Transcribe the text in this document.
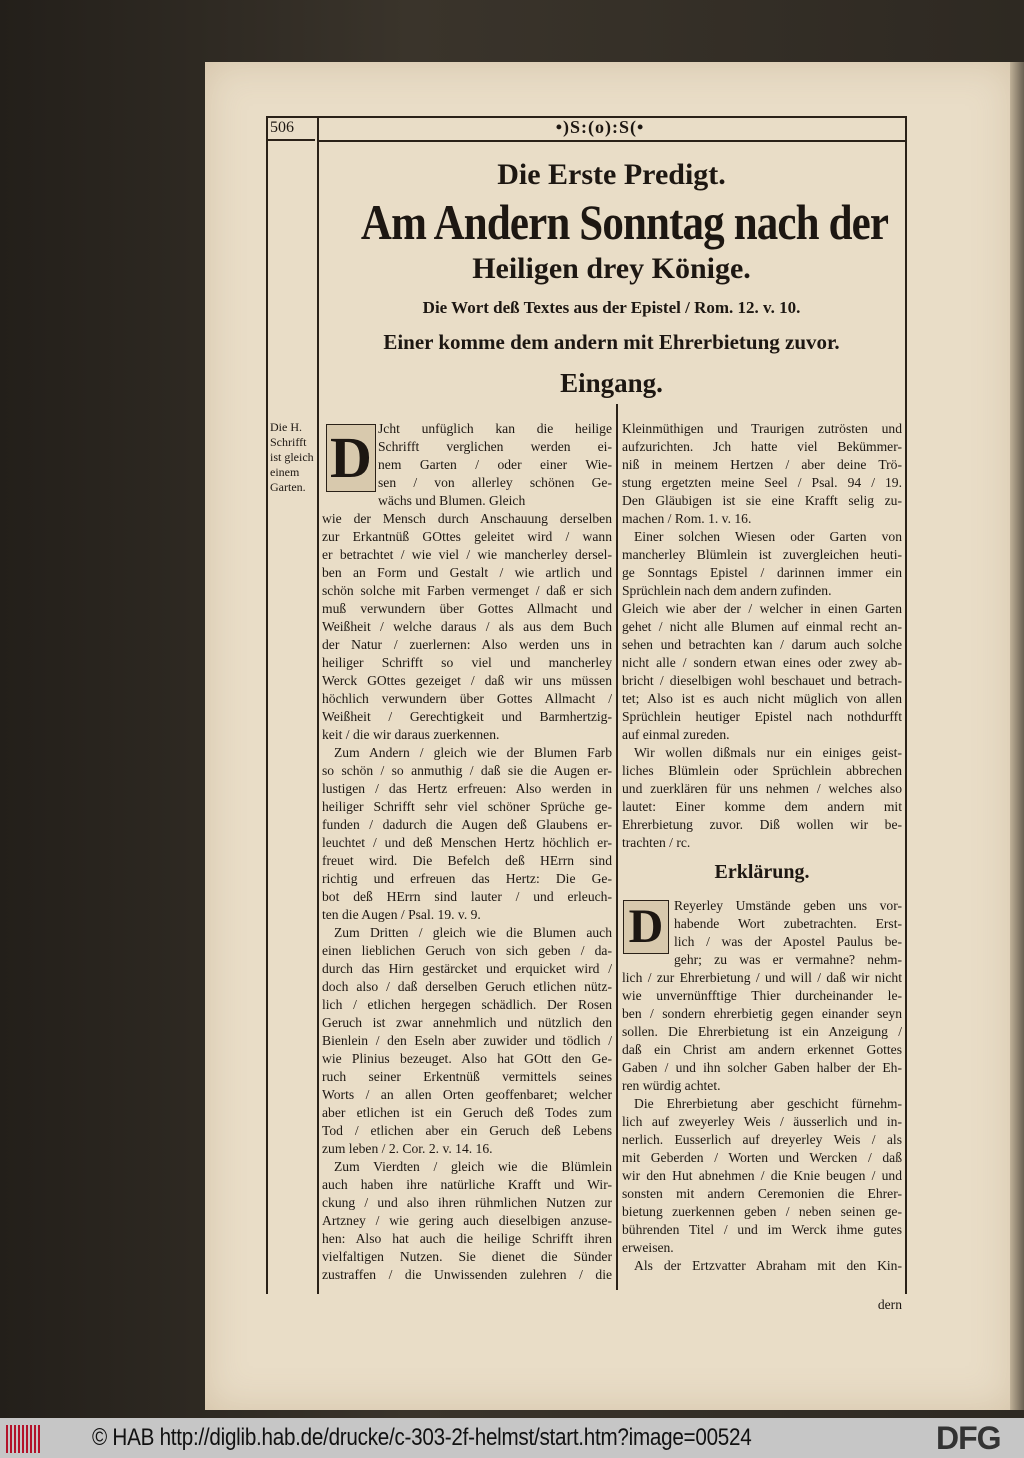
506	•)S:(o):S(•
Die Erste Predigt.
Am Andern Sonntag nach der
Heiligen drey Könige.
Die Wort deß Textes aus der Epistel / Rom. 12. v. 10.
Einer komme dem andern mit Ehrerbietung zuvor.
Eingang.
Die H.
Schrifft
ist gleich
einem
Garten. D Jcht unfüglich kan die heilige
Schrifft verglichen werden ei-
nem Garten / oder einer Wie-
sen / von allerley schönen Ge-
wächs und Blumen. Gleich
wie der Mensch durch Anschauung derselben
zur Erkantnüß GOttes geleitet wird / wann
er betrachtet / wie viel / wie mancherley dersel-
ben an Form und Gestalt / wie artlich und
schön solche mit Farben vermenget / daß er sich
muß verwundern über Gottes Allmacht und
Weißheit / welche daraus / als aus dem Buch
der Natur / zuerlernen: Also werden uns in
heiliger Schrifft so viel und mancherley
Werck GOttes gezeiget / daß wir uns müssen
höchlich verwundern über Gottes Allmacht /
Weißheit / Gerechtigkeit und Barmhertzig-
keit / die wir daraus zuerkennen.
Zum Andern / gleich wie der Blumen Farb
so schön / so anmuthig / daß sie die Augen er-
lustigen / das Hertz erfreuen: Also werden in
heiliger Schrifft sehr viel schöner Sprüche ge-
funden / dadurch die Augen deß Glaubens er-
leuchtet / und deß Menschen Hertz höchlich er-
freuet wird. Die Befelch deß HErrn sind
richtig und erfreuen das Hertz: Die Ge-
bot deß HErrn sind lauter / und erleuch-
ten die Augen / Psal. 19. v. 9.
Zum Dritten / gleich wie die Blumen auch
einen lieblichen Geruch von sich geben / da-
durch das Hirn gestärcket und erquicket wird /
doch also / daß derselben Geruch etlichen nütz-
lich / etlichen hergegen schädlich. Der Rosen
Geruch ist zwar annehmlich und nützlich den
Bienlein / den Eseln aber zuwider und tödlich /
wie Plinius bezeuget. Also hat GOtt den Ge-
ruch seiner Erkentnüß vermittels seines
Worts / an allen Orten geoffenbaret; welcher
aber etlichen ist ein Geruch deß Todes zum
Tod / etlichen aber ein Geruch deß Lebens
zum leben / 2. Cor. 2. v. 14. 16.
Zum Vierdten / gleich wie die Blümlein
auch haben ihre natürliche Krafft und Wir-
ckung / und also ihren rühmlichen Nutzen zur
Artzney / wie gering auch dieselbigen anzuse-
hen: Also hat auch die heilige Schrifft ihren
vielfaltigen Nutzen. Sie dienet die Sünder
zustraffen / die Unwissenden zulehren / die
Kleinmüthigen und Traurigen zutrösten und
aufzurichten. Jch hatte viel Bekümmer-
niß in meinem Hertzen / aber deine Trö-
stung ergetzten meine Seel / Psal. 94 / 19.
Den Gläubigen ist sie eine Krafft selig zu-
machen / Rom. 1. v. 16.
Einer solchen Wiesen oder Garten von
mancherley Blümlein ist zuvergleichen heuti-
ge Sonntags Epistel / darinnen immer ein
Sprüchlein nach dem andern zufinden.
Gleich wie aber der / welcher in einen Garten
gehet / nicht alle Blumen auf einmal recht an-
sehen und betrachten kan / darum auch solche
nicht alle / sondern etwan eines oder zwey ab-
bricht / dieselbigen wohl beschauet und betrach-
tet; Also ist es auch nicht müglich von allen
Sprüchlein heutiger Epistel nach nothdurfft
auf einmal zureden.
Wir wollen dißmals nur ein einiges geist-
liches Blümlein oder Sprüchlein abbrechen
und zuerklären für uns nehmen / welches also
lautet: Einer komme dem andern mit
Ehrerbietung zuvor. Diß wollen wir be-
trachten / rc.
Erklärung.
D Reyerley Umstände geben uns vor-
habende Wort zubetrachten. Erst-
lich / was der Apostel Paulus be-
gehr; zu was er vermahne? nehm-
lich / zur Ehrerbietung / und will / daß wir nicht
wie unvernünfftige Thier durcheinander le-
ben / sondern ehrerbietig gegen einander seyn
sollen. Die Ehrerbietung ist ein Anzeigung /
daß ein Christ am andern erkennet Gottes
Gaben / und ihn solcher Gaben halber der Eh-
ren würdig achtet.
Die Ehrerbietung aber geschicht fürnehm-
lich auf zweyerley Weis / äusserlich und in-
nerlich. Eusserlich auf dreyerley Weis / als
mit Geberden / Worten und Wercken / daß
wir den Hut abnehmen / die Knie beugen / und
sonsten mit andern Ceremonien die Ehrer-
bietung zuerkennen geben / neben seinen ge-
bührenden Titel / und im Werck ihme gutes
erweisen.
Als der Ertzvatter Abraham mit den Kin-
dern
© HAB http://diglib.hab.de/drucke/c-303-2f-helmst/start.htm?image=00524	DFG
